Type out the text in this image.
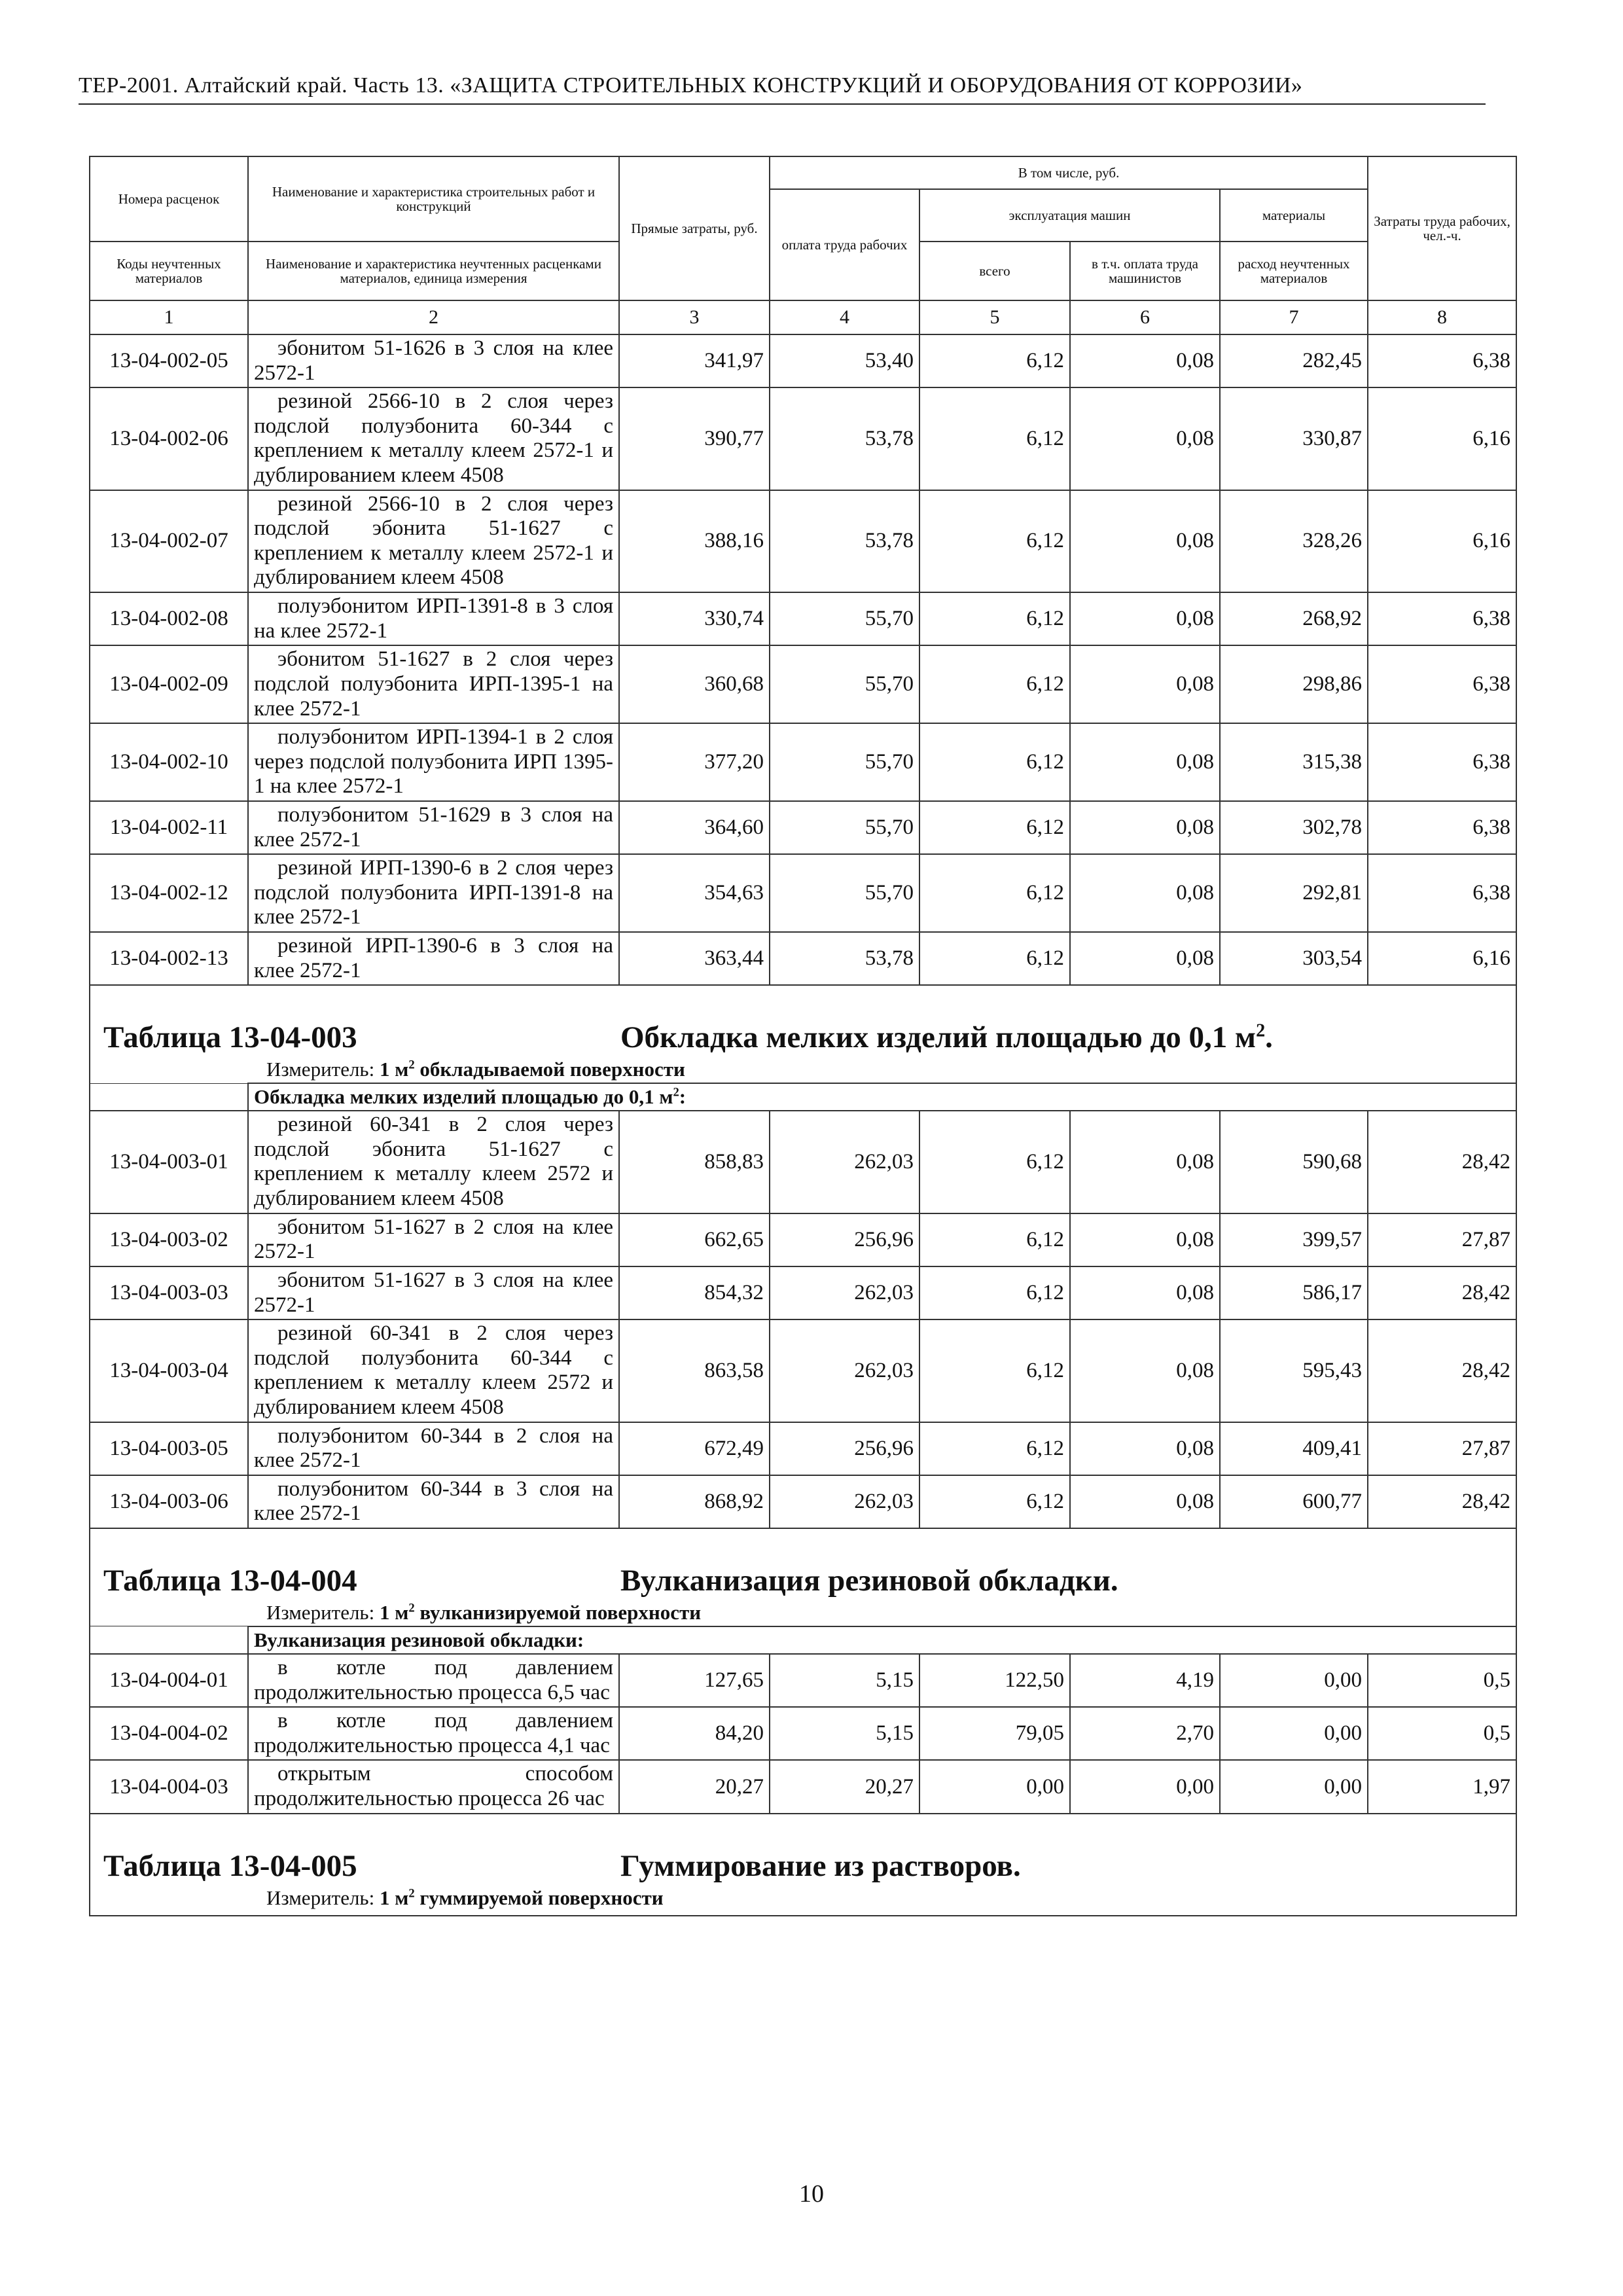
ТЕР-2001. Алтайский край. Часть 13. «ЗАЩИТА СТРОИТЕЛЬНЫХ КОНСТРУКЦИЙ И ОБОРУДОВАНИЯ ОТ КОРРОЗИИ»
Номера расценок	Наименование и характеристика строительных работ и конструкций	Прямые затраты, руб.	В том числе, руб.				Затраты труда рабочих, чел.-ч.
			оплата труда рабочих	эксплуатация машин		материалы	
Коды неучтенных материалов	Наименование и характеристика неучтенных расценками материалов, единица измерения			всего	в т.ч. оплата труда машинистов	расход неучтенных материалов	
1	2	3	4	5	6	7	8
13-04-002-05	эбонитом 51-1626 в 3 слоя на клее 2572-1	341,97	53,40	6,12	0,08	282,45	6,38
13-04-002-06	резиной 2566-10 в 2 слоя через подслой полуэбонита 60-344 с креплением к металлу клеем 2572-1 и дублированием клеем 4508	390,77	53,78	6,12	0,08	330,87	6,16
13-04-002-07	резиной 2566-10 в 2 слоя через подслой эбонита 51-1627 с креплением к металлу клеем 2572-1 и дублированием клеем 4508	388,16	53,78	6,12	0,08	328,26	6,16
13-04-002-08	полуэбонитом ИРП-1391-8 в 3 слоя на клее 2572-1	330,74	55,70	6,12	0,08	268,92	6,38
13-04-002-09	эбонитом 51-1627 в 2 слоя через подслой полуэбонита ИРП-1395-1 на клее 2572-1	360,68	55,70	6,12	0,08	298,86	6,38
13-04-002-10	полуэбонитом ИРП-1394-1 в 2 слоя через подслой полуэбонита ИРП 1395-1 на клее 2572-1	377,20	55,70	6,12	0,08	315,38	6,38
13-04-002-11	полуэбонитом 51-1629 в 3 слоя на клее 2572-1	364,60	55,70	6,12	0,08	302,78	6,38
13-04-002-12	резиной ИРП-1390-6 в 2 слоя через подслой полуэбонита ИРП-1391-8 на клее 2572-1	354,63	55,70	6,12	0,08	292,81	6,38
13-04-002-13	резиной ИРП-1390-6 в 3 слоя на клее 2572-1	363,44	53,78	6,12	0,08	303,54	6,16

Таблица 13-04-003 Обкладка мелких изделий площадью до 0,1 $м^2$.
Измеритель: 1 $м^2$ обкладываемой поверхности							

	Обкладка мелких изделий площадью до 0,1 $м^2$:						
13-04-003-01	резиной 60-341 в 2 слоя через подслой эбонита 51-1627 с креплением к металлу клеем 2572 и дублированием клеем 4508	858,83	262,03	6,12	0,08	590,68	28,42
13-04-003-02	эбонитом 51-1627 в 2 слоя на клее 2572-1	662,65	256,96	6,12	0,08	399,57	27,87
13-04-003-03	эбонитом 51-1627 в 3 слоя на клее 2572-1	854,32	262,03	6,12	0,08	586,17	28,42
13-04-003-04	резиной 60-341 в 2 слоя через подслой полуэбонита 60-344 с креплением к металлу клеем 2572 и дублированием клеем 4508	863,58	262,03	6,12	0,08	595,43	28,42
13-04-003-05	полуэбонитом 60-344 в 2 слоя на клее 2572-1	672,49	256,96	6,12	0,08	409,41	27,87
13-04-003-06	полуэбонитом 60-344 в 3 слоя на клее 2572-1	868,92	262,03	6,12	0,08	600,77	28,42

Таблица 13-04-004 Вулканизация резиновой обкладки.
Измеритель: 1 $м^2$ вулканизируемой поверхности							

	Вулканизация резиновой обкладки:						
13-04-004-01	в котле под давлением продолжительностью процесса 6,5 час	127,65	5,15	122,50	4,19	0,00	0,5
13-04-004-02	в котле под давлением продолжительностью процесса 4,1 час	84,20	5,15	79,05	2,70	0,00	0,5
13-04-004-03	открытым способом продолжительностью процесса 26 час	20,27	20,27	0,00	0,00	0,00	1,97

Таблица 13-04-005 Гуммирование из растворов.
Измеритель: 1 $м^2$ гуммируемой поверхности							
10
